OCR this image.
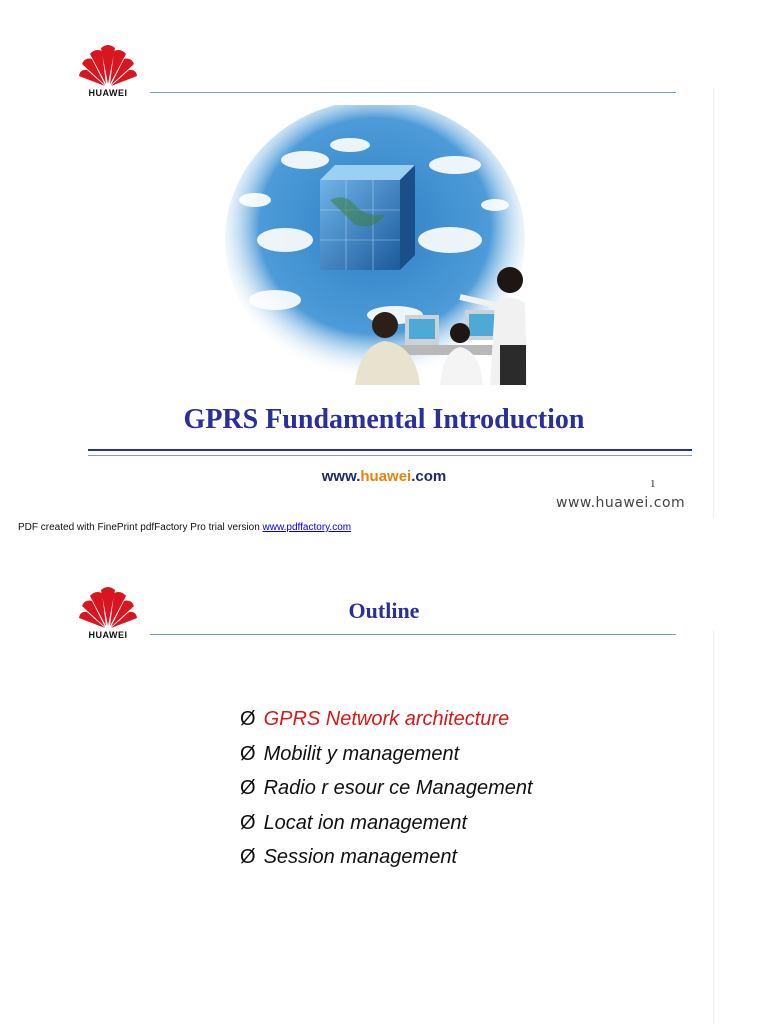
HUAWEI
GPRS Fundamental Introduction
www.huawei.com	1
www.huawei.com
PDF created with FinePrint pdfFactory Pro trial version www.pdffactory.com
HUAWEI
Outline
Ø GPRS Network architecture
Ø Mobilit y management
Ø Radio r esour ce Management
Ø Locat ion management
Ø Session management
